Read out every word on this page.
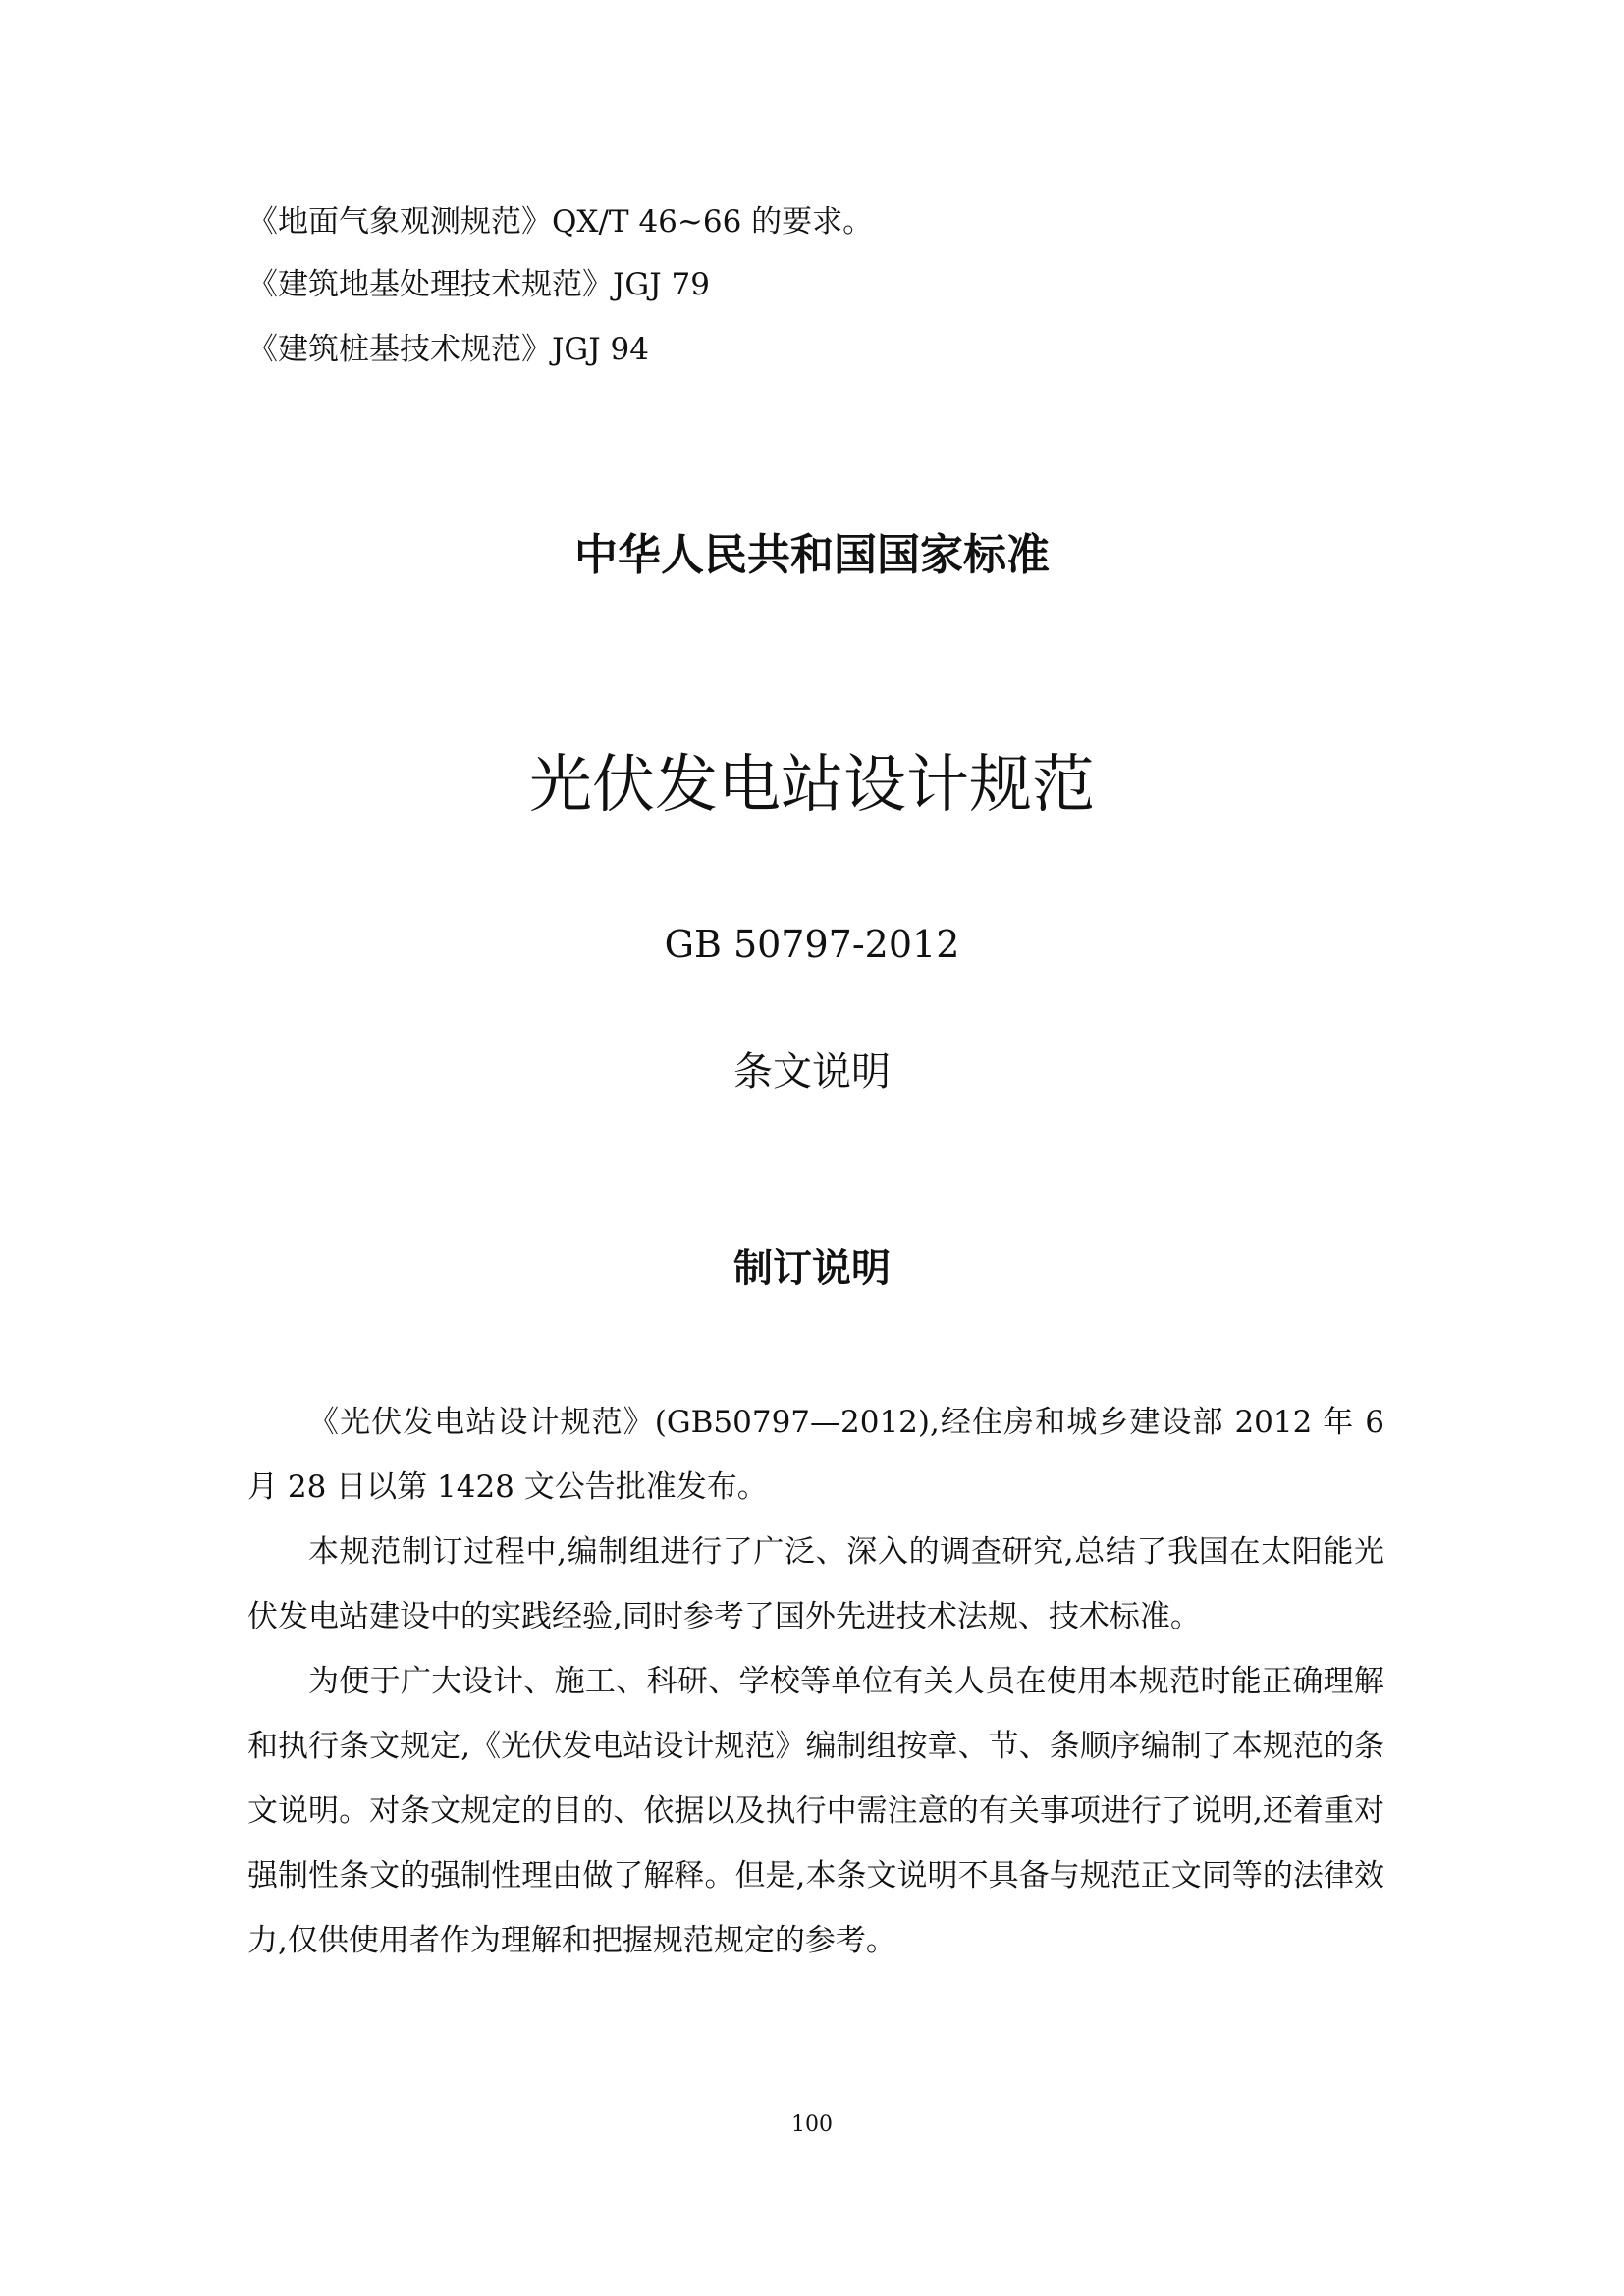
《地面气象观测规范》QX/T 46~66 的要求。
《建筑地基处理技术规范》JGJ 79
《建筑桩基技术规范》JGJ 94
中华人民共和国国家标准
光伏发电站设计规范
GB 50797-2012
条文说明
制订说明

《光伏发电站设计规范》(GB50797—2012),经住房和城乡建设部 2012 年 6 月 28 日以第 1428 文公告批准发布。

本规范制订过程中,编制组进行了广泛、深入的调查研究,总结了我国在太阳能光伏发电站建设中的实践经验,同时参考了国外先进技术法规、技术标准。

为便于广大设计、施工、科研、学校等单位有关人员在使用本规范时能正确理解和执行条文规定,《光伏发电站设计规范》编制组按章、节、条顺序编制了本规范的条文说明。对条文规定的目的、依据以及执行中需注意的有关事项进行了说明,还着重对强制性条文的强制性理由做了解释。但是,本条文说明不具备与规范正文同等的法律效力,仅供使用者作为理解和把握规范规定的参考。

100
